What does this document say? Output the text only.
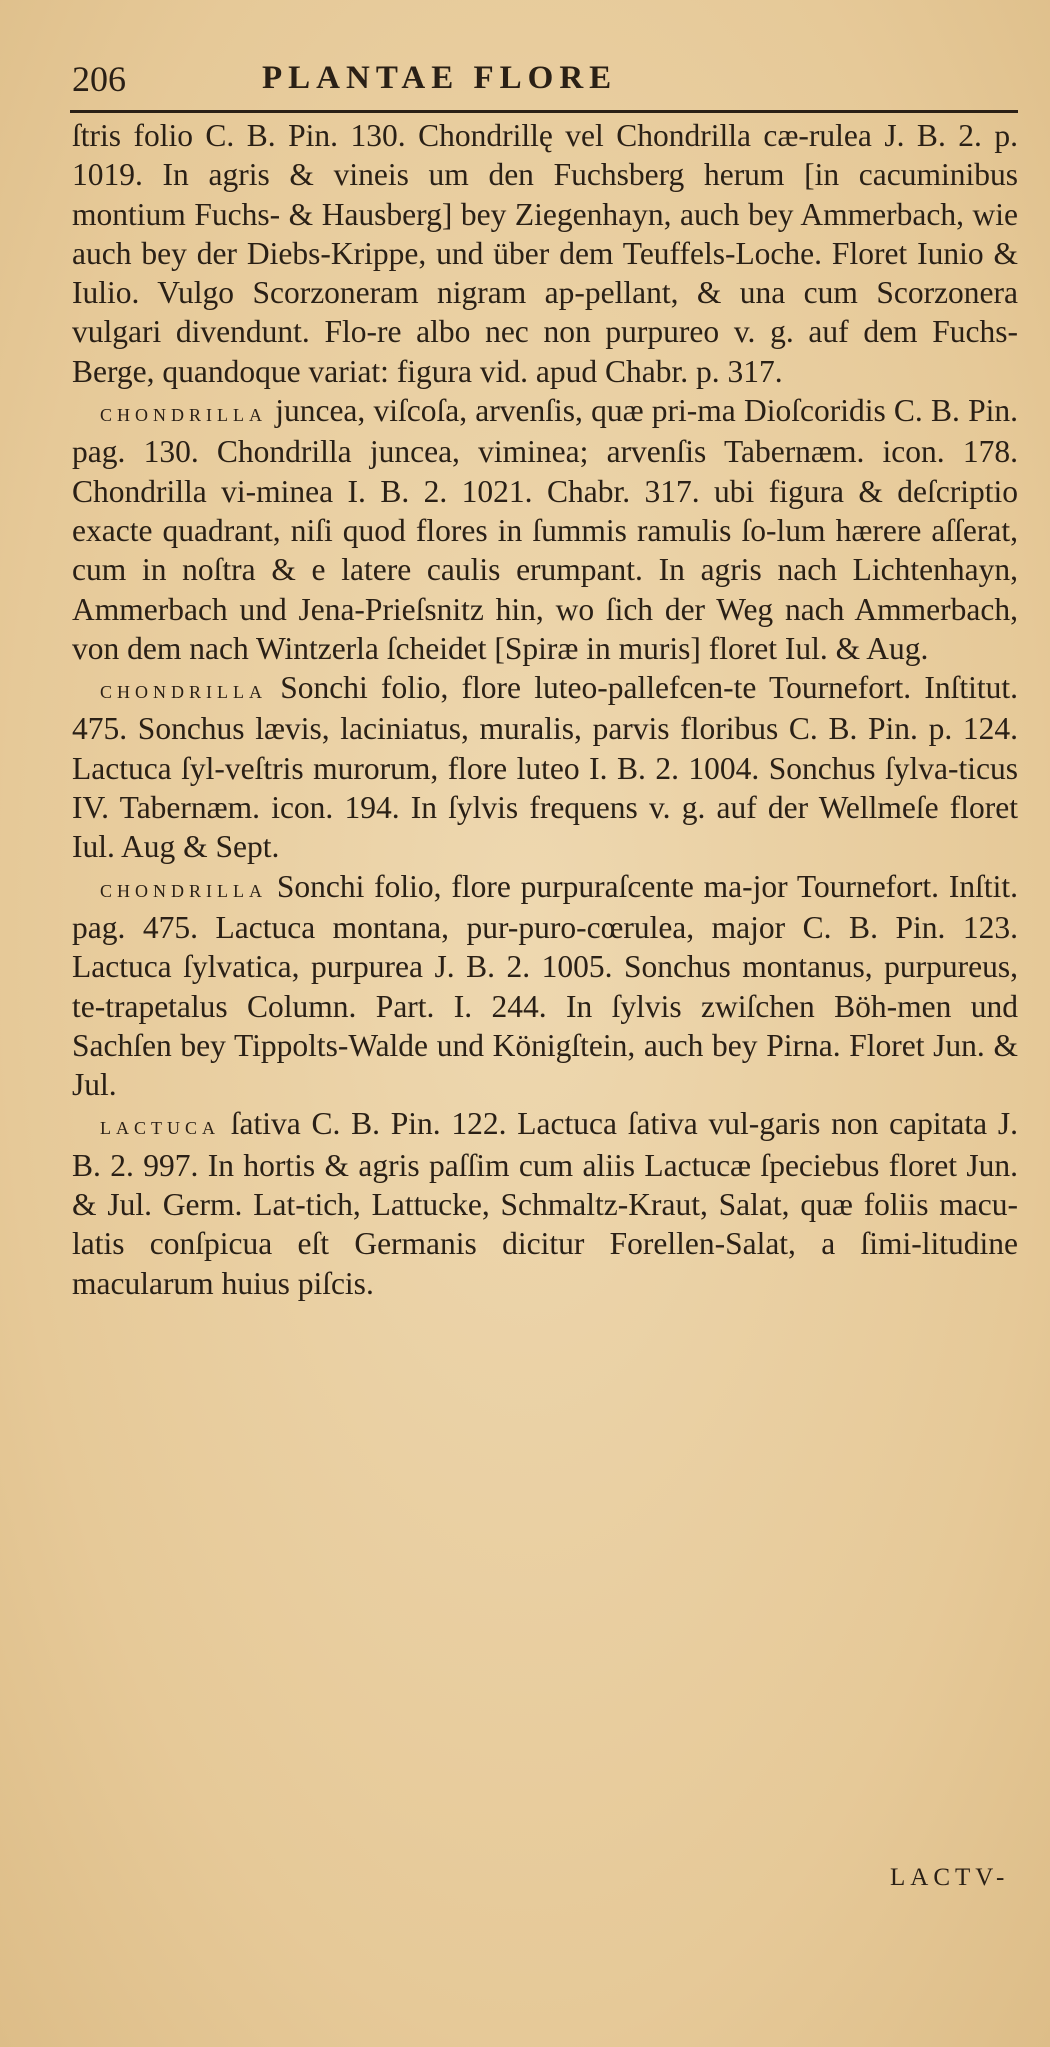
206	PLANTAE FLORE

ſtris folio C. B. Pin. 130. Chondrillę vel Chondrilla cæ-rulea J. B. 2. p. 1019. In agris & vineis um den Fuchsberg herum [in cacuminibus montium Fuchs- & Hausberg] bey Ziegenhayn, auch bey Ammerbach, wie auch bey der Diebs-Krippe, und über dem Teuffels-Loche. Floret Iunio & Iulio. Vulgo Scorzoneram nigram ap-pellant, & una cum Scorzonera vulgari divendunt. Flo-re albo nec non purpureo v. g. auf dem Fuchs-Berge, quandoque variat: figura vid. apud Chabr. p. 317.

chondrilla juncea, viſcoſa, arvenſis, quæ pri-ma Dioſcoridis C. B. Pin. pag. 130. Chondrilla juncea, viminea; arvenſis Tabernæm. icon. 178. Chondrilla vi-minea I. B. 2. 1021. Chabr. 317. ubi figura & deſcriptio exacte quadrant, niſi quod flores in ſummis ramulis ſo-lum hærere aſſerat, cum in noſtra & e latere caulis erumpant. In agris nach Lichtenhayn, Ammerbach und Jena-Prieſsnitz hin, wo ſich der Weg nach Ammerbach, von dem nach Wintzerla ſcheidet [Spiræ in muris] floret Iul. & Aug.

chondrilla Sonchi folio, flore luteo-pallefcen-te Tournefort. Inſtitut. 475. Sonchus lævis, laciniatus, muralis, parvis floribus C. B. Pin. p. 124. Lactuca ſyl-veſtris murorum, flore luteo I. B. 2. 1004. Sonchus ſylva-ticus IV. Tabernæm. icon. 194. In ſylvis frequens v. g. auf der Wellmeſe floret Iul. Aug & Sept.

chondrilla Sonchi folio, flore purpuraſcente ma-jor Tournefort. Inſtit. pag. 475. Lactuca montana, pur-puro-cœrulea, major C. B. Pin. 123. Lactuca ſylvatica, purpurea J. B. 2. 1005. Sonchus montanus, purpureus, te-trapetalus Column. Part. I. 244. In ſylvis zwiſchen Böh-men und Sachſen bey Tippolts-Walde und Königſtein, auch bey Pirna. Floret Jun. & Jul.

lactuca ſativa C. B. Pin. 122. Lactuca ſativa vul-garis non capitata J. B. 2. 997. In hortis & agris paſſim cum aliis Lactucæ ſpeciebus floret Jun. & Jul. Germ. Lat-tich, Lattucke, Schmaltz-Kraut, Salat, quæ foliis macu-latis conſpicua eſt Germanis dicitur Forellen-Salat, a ſimi-litudine macularum huius piſcis.

LACTV-
